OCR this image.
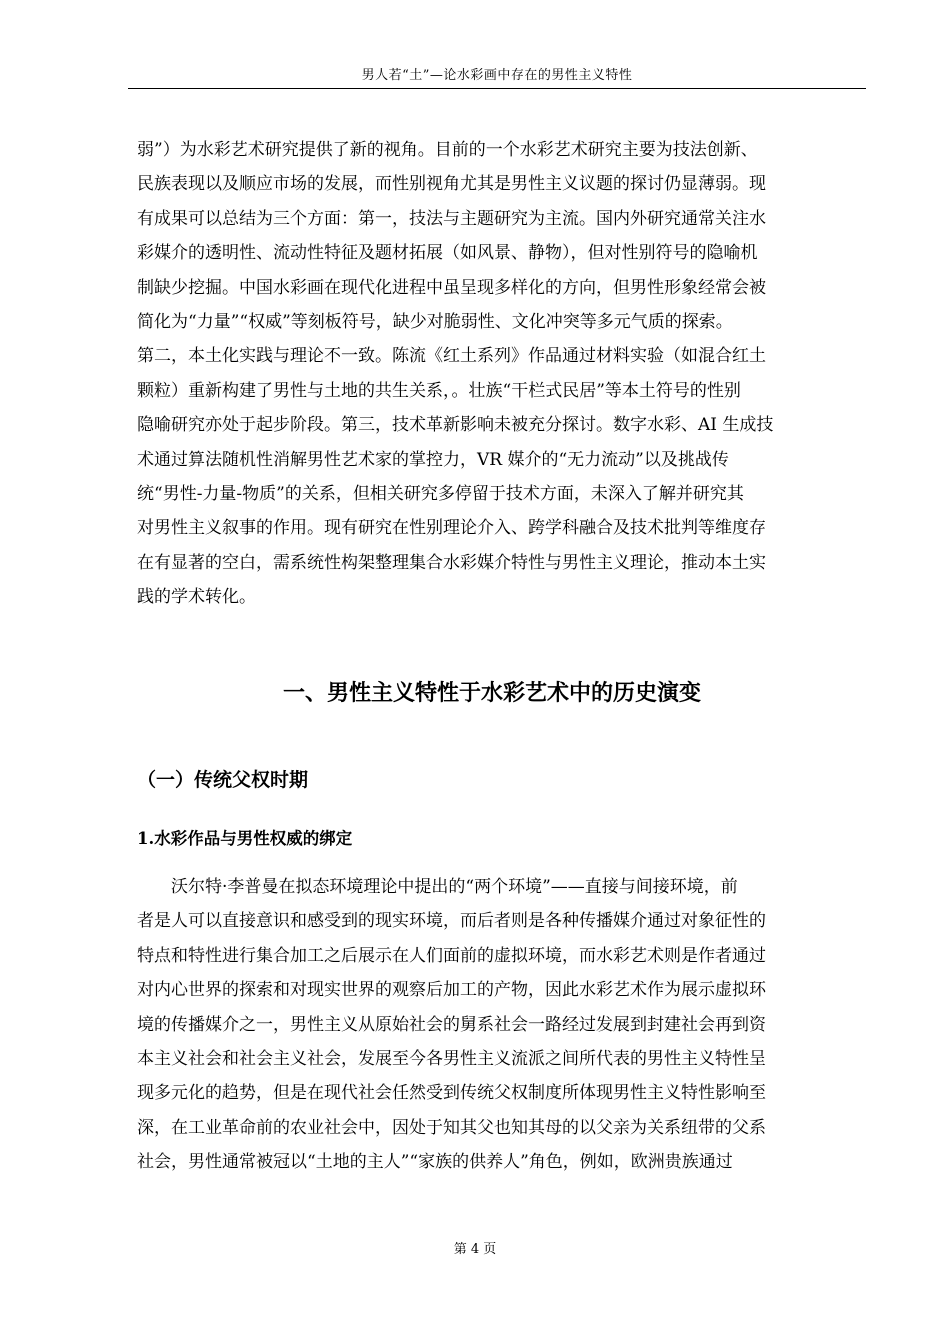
男人若“土”—论水彩画中存在的男性主义特性

弱”）为水彩艺术研究提供了新的视角。目前的一个水彩艺术研究主要为技法创新、
民族表现以及顺应市场的发展，而性别视角尤其是男性主义议题的探讨仍显薄弱。现
有成果可以总结为三个方面：第一，技法与主题研究为主流。国内外研究通常关注水
彩媒介的透明性、流动性特征及题材拓展（如风景、静物），但对性别符号的隐喻机
制缺少挖掘。中国水彩画在现代化进程中虽呈现多样化的方向，但男性形象经常会被
简化为“力量”“权威”等刻板符号，缺少对脆弱性、文化冲突等多元气质的探索。
第二，本土化实践与理论不一致。陈流《红土系列》作品通过材料实验（如混合红土
颗粒）重新构建了男性与土地的共生关系，。壮族“干栏式民居”等本土符号的性别
隐喻研究亦处于起步阶段。第三，技术革新影响未被充分探讨。数字水彩、AI 生成技
术通过算法随机性消解男性艺术家的掌控力，VR 媒介的“无力流动”以及挑战传
统“男性-力量-物质”的关系，但相关研究多停留于技术方面，未深入了解并研究其
对男性主义叙事的作用。现有研究在性别理论介入、跨学科融合及技术批判等维度存
在有显著的空白，需系统性构架整理集合水彩媒介特性与男性主义理论，推动本土实
践的学术转化。

一、男性主义特性于水彩艺术中的历史演变
（一）传统父权时期
1.水彩作品与男性权威的绑定

沃尔特·李普曼在拟态环境理论中提出的“两个环境”——直接与间接环境，前
者是人可以直接意识和感受到的现实环境，而后者则是各种传播媒介通过对象征性的
特点和特性进行集合加工之后展示在人们面前的虚拟环境，而水彩艺术则是作者通过
对内心世界的探索和对现实世界的观察后加工的产物，因此水彩艺术作为展示虚拟环
境的传播媒介之一，男性主义从原始社会的舅系社会一路经过发展到封建社会再到资
本主义社会和社会主义社会，发展至今各男性主义流派之间所代表的男性主义特性呈
现多元化的趋势，但是在现代社会任然受到传统父权制度所体现男性主义特性影响至
深，在工业革命前的农业社会中，因处于知其父也知其母的以父亲为关系纽带的父系
社会，男性通常被冠以“土地的主人”“家族的供养人”角色，例如，欧洲贵族通过

第 4 页
